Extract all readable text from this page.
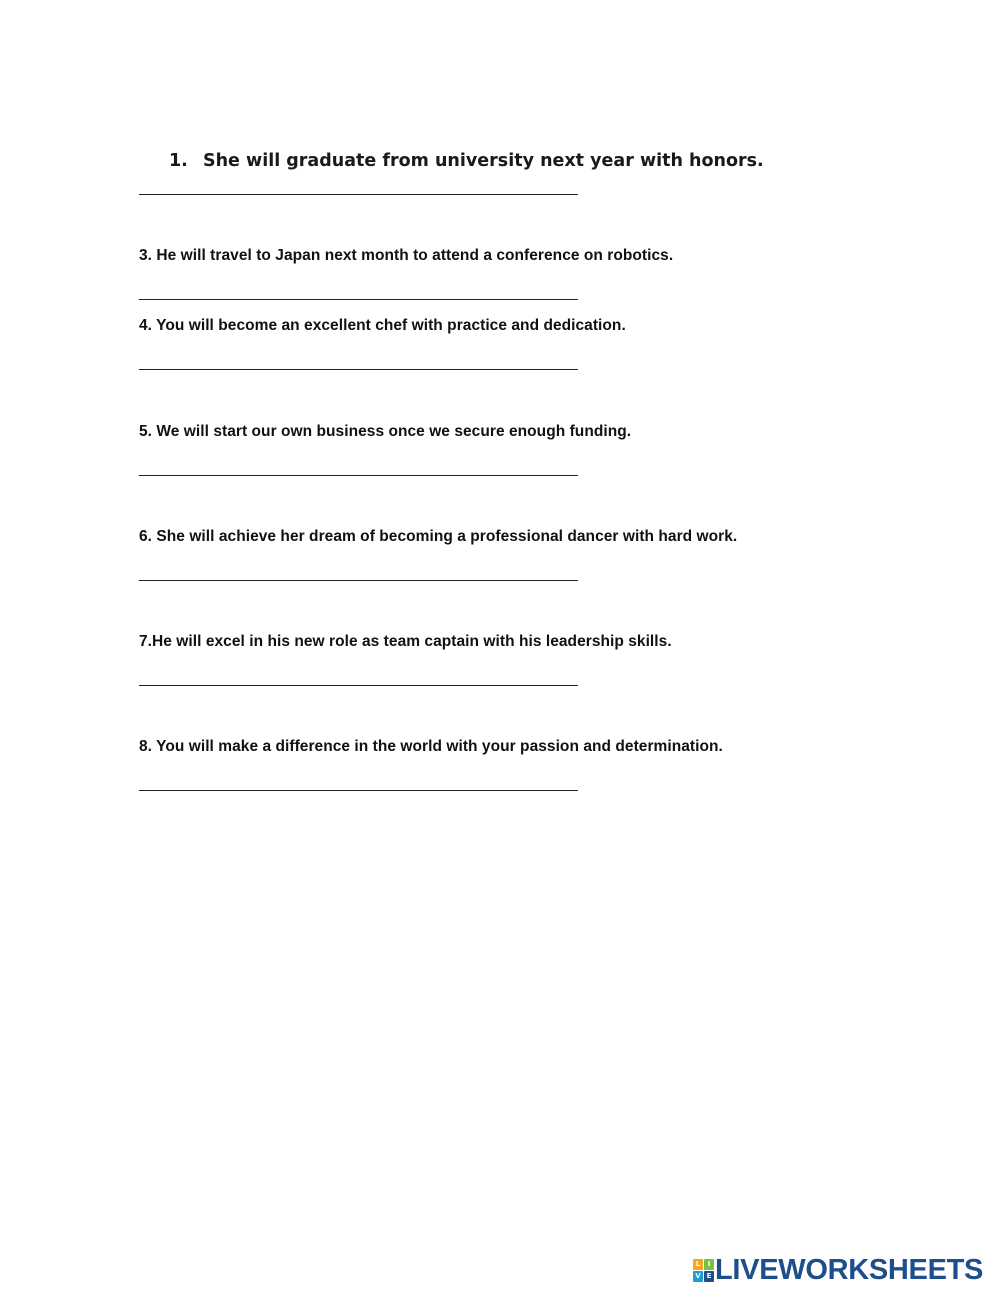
1. She will graduate from university next year with honors.
3. He will travel to Japan next month to attend a conference on robotics.
4. You will become an excellent chef with practice and dedication.
5. We will start our own business once we secure enough funding.
6. She will achieve her dream of becoming a professional dancer with hard work.
7.He will excel in his new role as team captain with his leadership skills.
8. You will make a difference in the world with your passion and determination.
L	I
V E LIVEWORKSHEETS
